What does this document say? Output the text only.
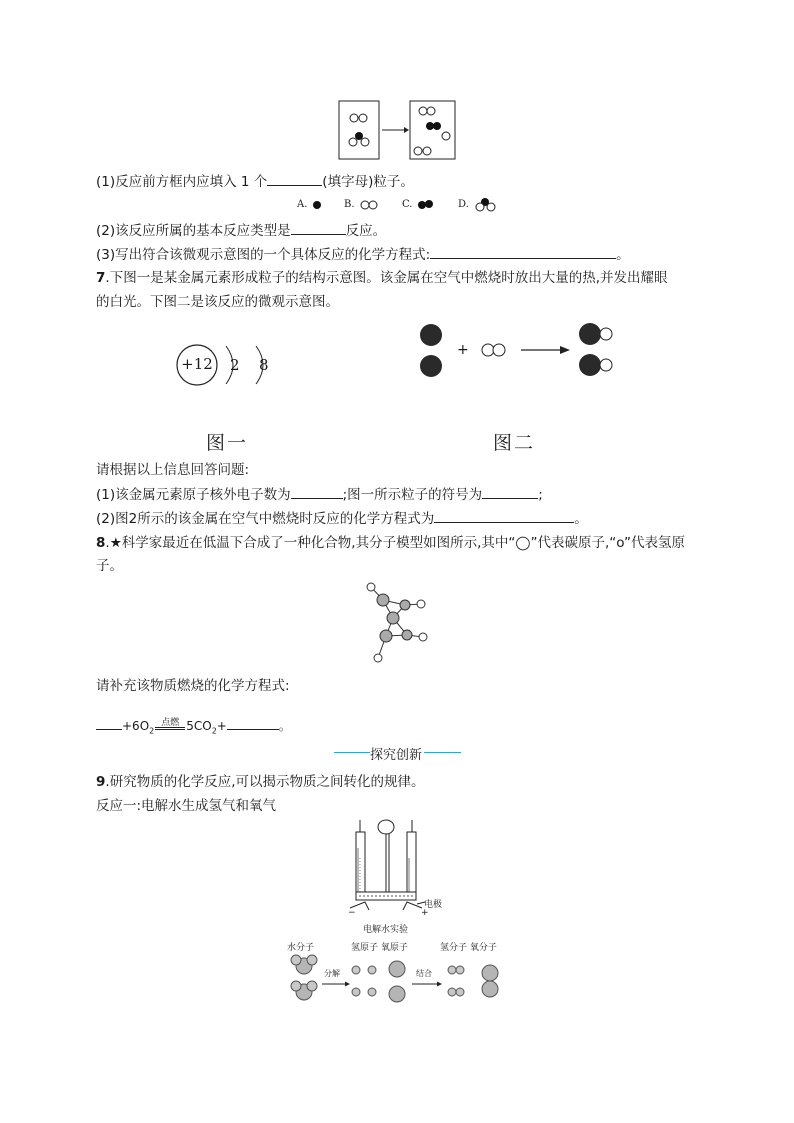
(1)反应前方框内应填入 1 个	(填字母)粒子。
A.	B.	C.	D.
(2)该反应所属的基本反应类型是	反应。
(3)写出符合该微观示意图的一个具体反应的化学方程式:	。
7.下图一是某金属元素形成粒子的结构示意图。该金属在空气中燃烧时放出大量的热,并发出耀眼
的白光。下图二是该反应的微观示意图。
+12	2 8
+
图一	图二
请根据以上信息回答问题:
(1)该金属元素原子核外电子数为	;图一所示粒子的符号为	;
(2)图2所示的该金属在空气中燃烧时反应的化学方程式为	。
8.★科学家最近在低温下合成了一种化合物,其分子模型如图所示,其中“◯”代表碳原子,“o”代表氢原
子。
请补充该物质燃烧的化学方程式:
$+6O_2$
点燃 $5CO_2+$	。
探究创新
9.研究物质的化学反应,可以揭示物质之间转化的规律。
反应一:电解水生成氢气和氧气
电极
−	+
电解水实验
水分子	氢原子 氧原子	氢分子 氧分子
分解	结合
